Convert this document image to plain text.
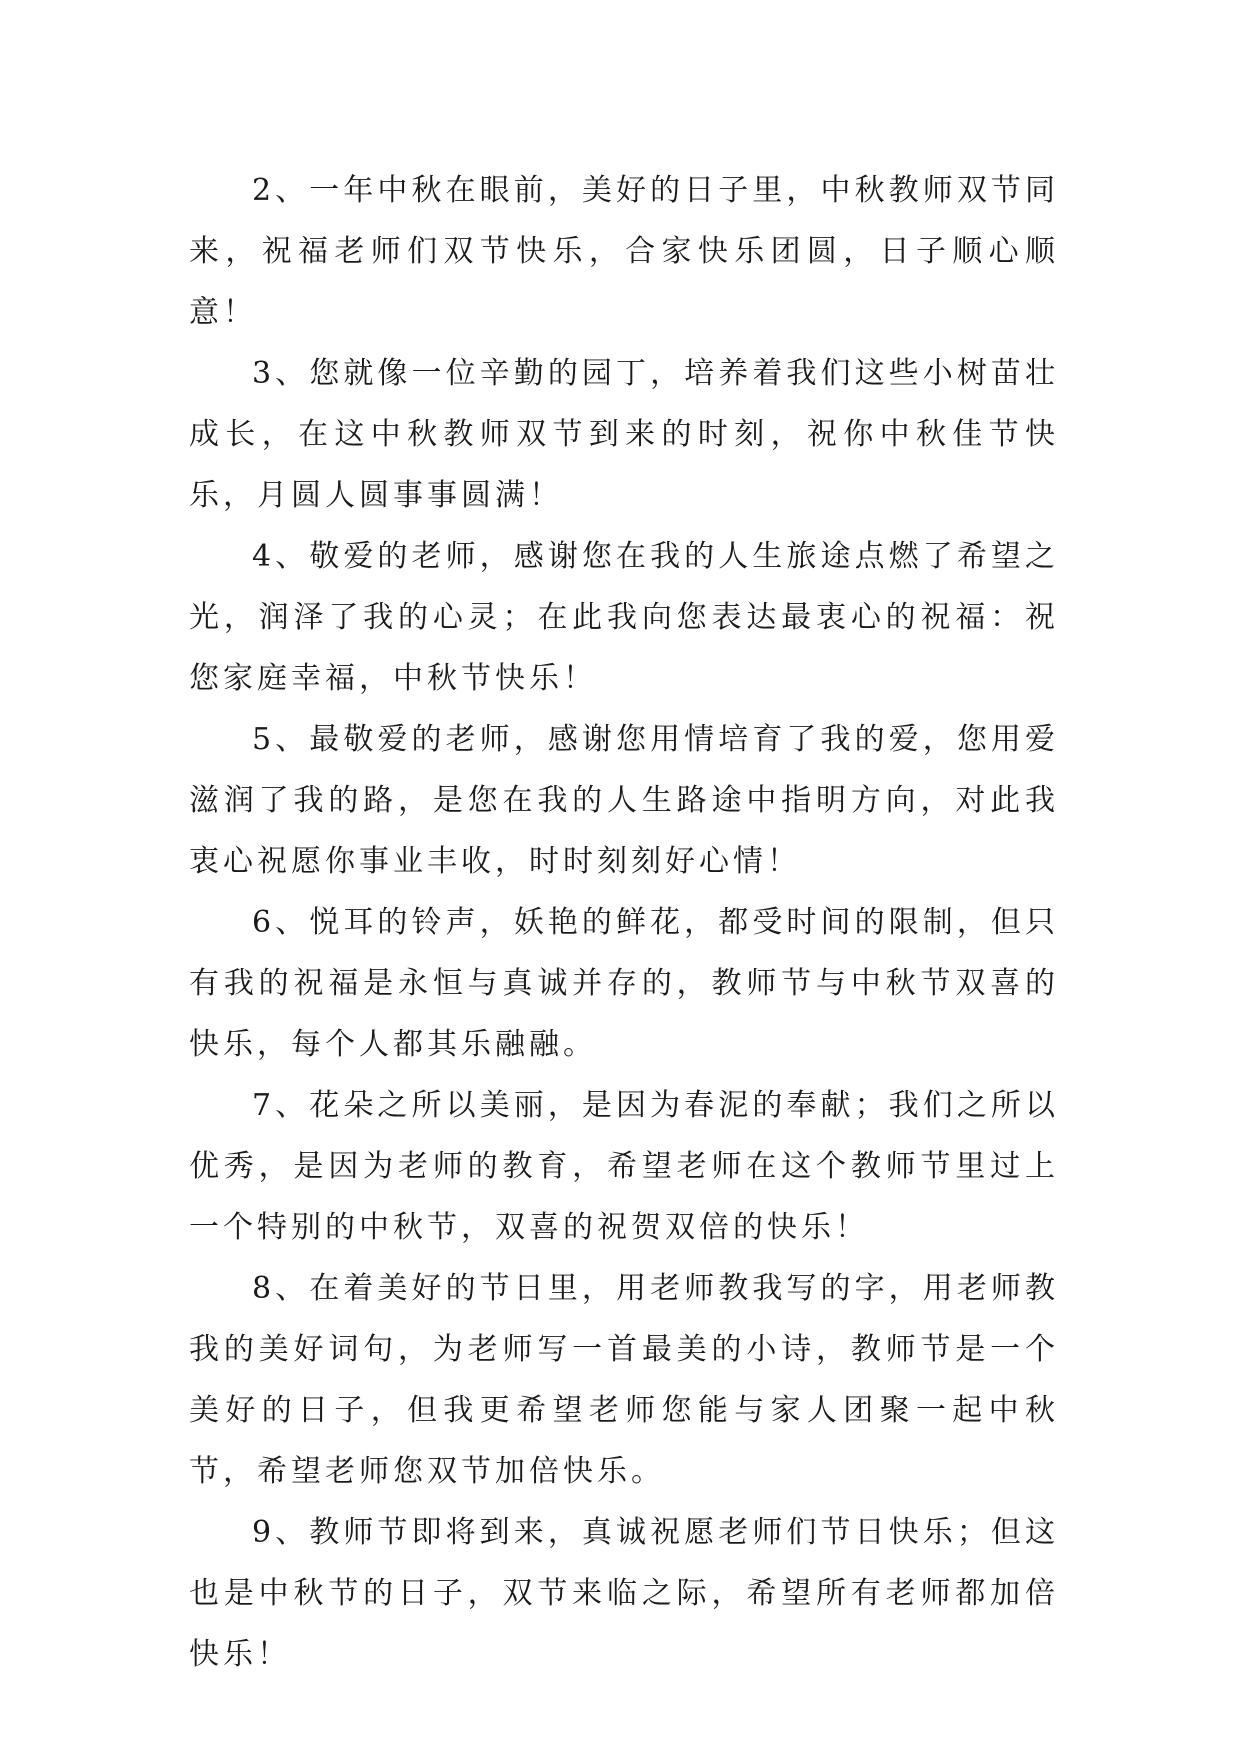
2、一年中秋在眼前，美好的日子里，中秋教师双节同来，祝福老师们双节快乐，合家快乐团圆，日子顺心顺意！

3、您就像一位辛勤的园丁，培养着我们这些小树苗壮成长，在这中秋教师双节到来的时刻，祝你中秋佳节快乐，月圆人圆事事圆满！

4、敬爱的老师，感谢您在我的人生旅途点燃了希望之光，润泽了我的心灵；在此我向您表达最衷心的祝福：祝您家庭幸福，中秋节快乐！

5、最敬爱的老师，感谢您用情培育了我的爱，您用爱滋润了我的路，是您在我的人生路途中指明方向，对此我衷心祝愿你事业丰收，时时刻刻好心情！

6、悦耳的铃声，妖艳的鲜花，都受时间的限制，但只有我的祝福是永恒与真诚并存的，教师节与中秋节双喜的快乐，每个人都其乐融融。

7、花朵之所以美丽，是因为春泥的奉献；我们之所以优秀，是因为老师的教育，希望老师在这个教师节里过上一个特别的中秋节，双喜的祝贺双倍的快乐！

8、在着美好的节日里，用老师教我写的字，用老师教我的美好词句，为老师写一首最美的小诗，教师节是一个美好的日子，但我更希望老师您能与家人团聚一起中秋节，希望老师您双节加倍快乐。

9、教师节即将到来，真诚祝愿老师们节日快乐；但这也是中秋节的日子，双节来临之际，希望所有老师都加倍快乐！
